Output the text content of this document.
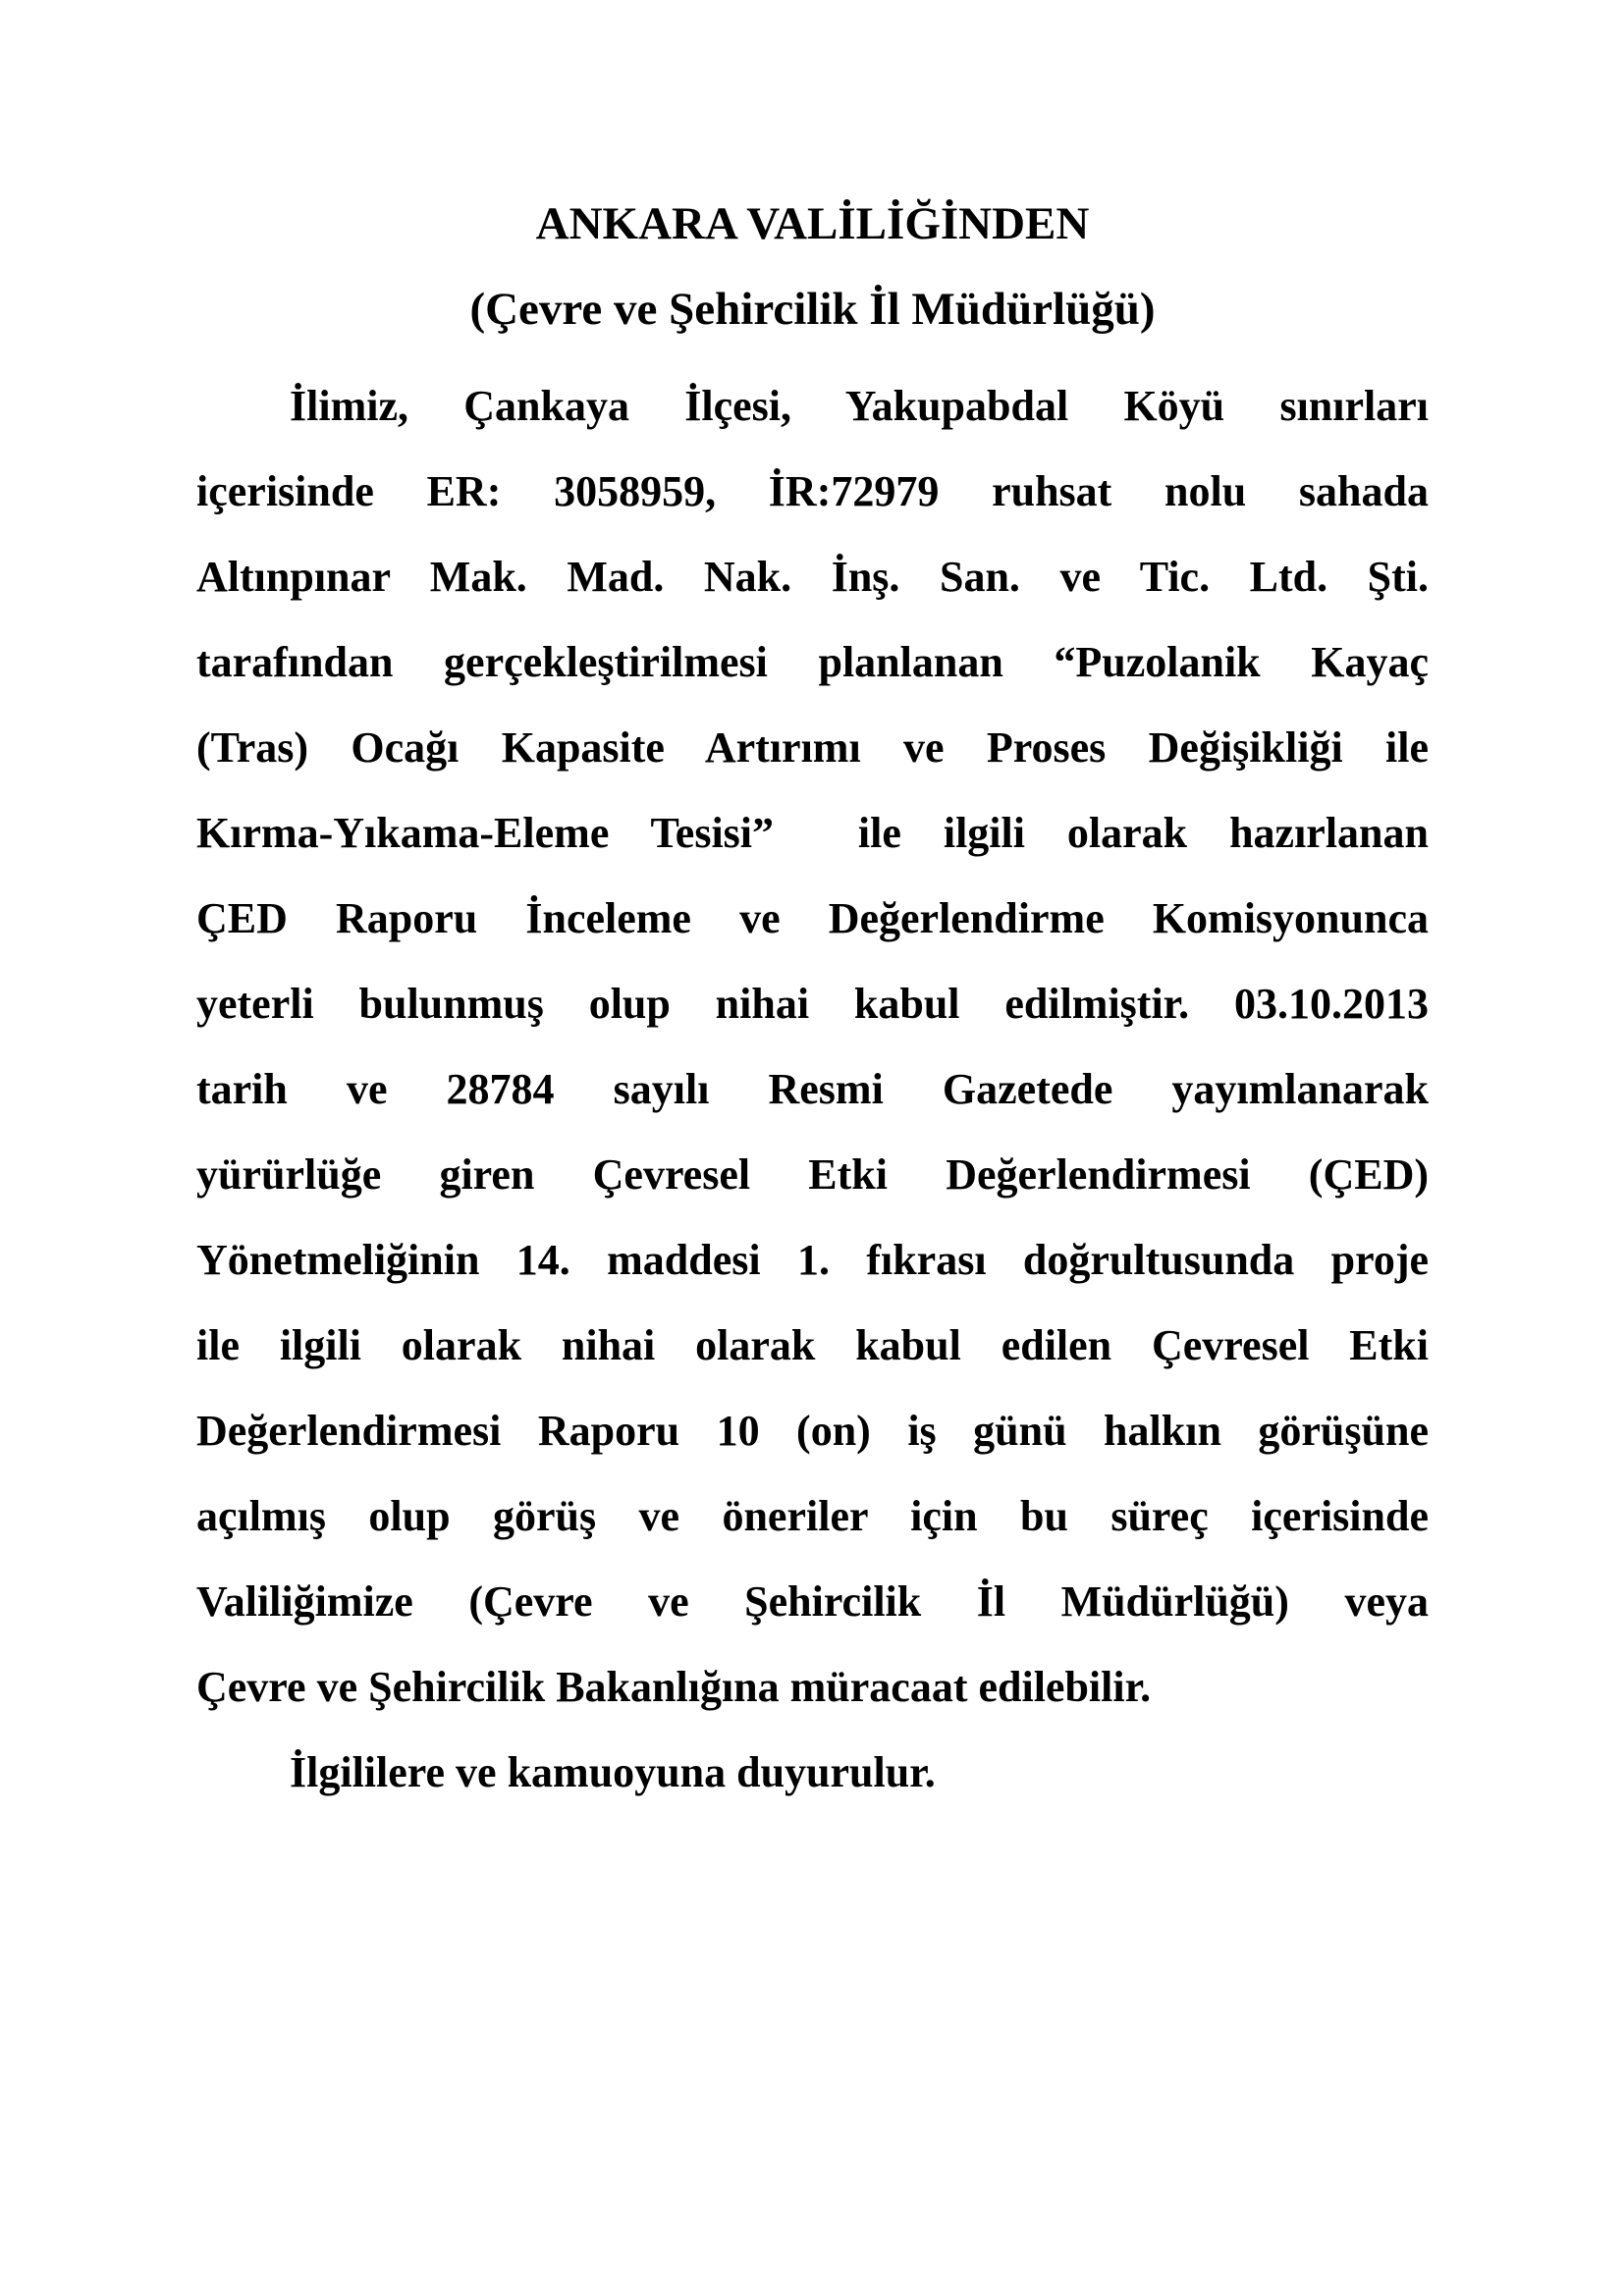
ANKARA VALİLİĞİNDEN
(Çevre ve Şehircilik İl Müdürlüğü)
İlimiz, Çankaya İlçesi, Yakupabdal Köyü sınırları
içerisinde ER: 3058959, İR:72979 ruhsat nolu sahada
Altınpınar Mak. Mad. Nak. İnş. San. ve Tic. Ltd. Şti.
tarafından gerçekleştirilmesi planlanan “Puzolanik Kayaç
(Tras) Ocağı Kapasite Artırımı ve Proses Değişikliği ile
Kırma-Yıkama-Eleme Tesisi”  ile ilgili olarak hazırlanan
ÇED Raporu İnceleme ve Değerlendirme Komisyonunca
yeterli bulunmuş olup nihai kabul edilmiştir. 03.10.2013
tarih ve 28784 sayılı Resmi Gazetede yayımlanarak
yürürlüğe giren Çevresel Etki Değerlendirmesi (ÇED)
Yönetmeliğinin 14. maddesi 1. fıkrası doğrultusunda proje
ile ilgili olarak nihai olarak kabul edilen Çevresel Etki
Değerlendirmesi Raporu 10 (on) iş günü halkın görüşüne
açılmış olup görüş ve öneriler için bu süreç içerisinde
Valiliğimize (Çevre ve Şehircilik İl Müdürlüğü) veya
Çevre ve Şehircilik Bakanlığına müracaat edilebilir.
İlgililere ve kamuoyuna duyurulur.
